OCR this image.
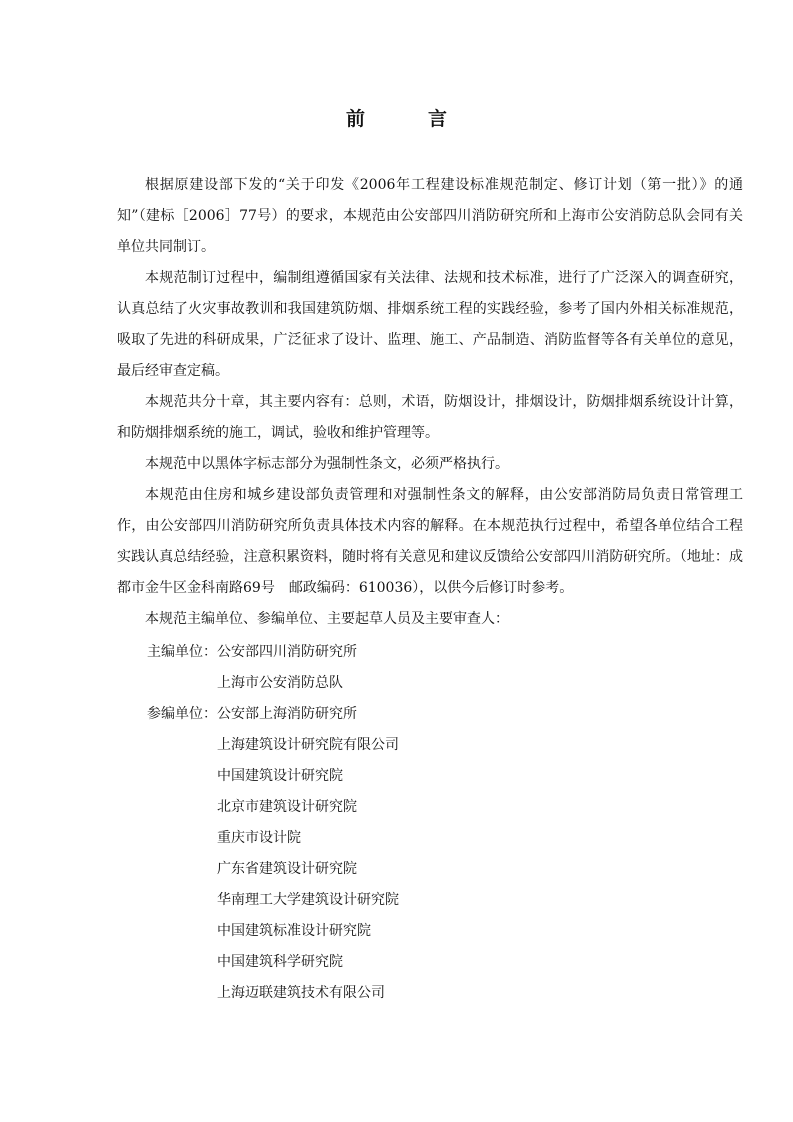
前　言

根据原建设部下发的“关于印发《2006年工程建设标准规范制定、修订计划（第一批）》的通知”（建标［2006］77号）的要求，本规范由公安部四川消防研究所和上海市公安消防总队会同有关单位共同制订。

本规范制订过程中，编制组遵循国家有关法律、法规和技术标准，进行了广泛深入的调查研究，认真总结了火灾事故教训和我国建筑防烟、排烟系统工程的实践经验，参考了国内外相关标准规范，吸取了先进的科研成果，广泛征求了设计、监理、施工、产品制造、消防监督等各有关单位的意见，最后经审查定稿。

本规范共分十章，其主要内容有：总则，术语，防烟设计，排烟设计，防烟排烟系统设计计算，和防烟排烟系统的施工，调试，验收和维护管理等。

本规范中以黑体字标志部分为强制性条文，必须严格执行。

本规范由住房和城乡建设部负责管理和对强制性条文的解释，由公安部消防局负责日常管理工作，由公安部四川消防研究所负责具体技术内容的解释。在本规范执行过程中，希望各单位结合工程实践认真总结经验，注意积累资料，随时将有关意见和建议反馈给公安部四川消防研究所。（地址：成都市金牛区金科南路69号　邮政编码：610036），以供今后修订时参考。

本规范主编单位、参编单位、主要起草人员及主要审查人：

主编单位：公安部四川消防研究所
上海市公安消防总队
参编单位：公安部上海消防研究所
上海建筑设计研究院有限公司
中国建筑设计研究院
北京市建筑设计研究院
重庆市设计院
广东省建筑设计研究院
华南理工大学建筑设计研究院
中国建筑标准设计研究院
中国建筑科学研究院
上海迈联建筑技术有限公司
